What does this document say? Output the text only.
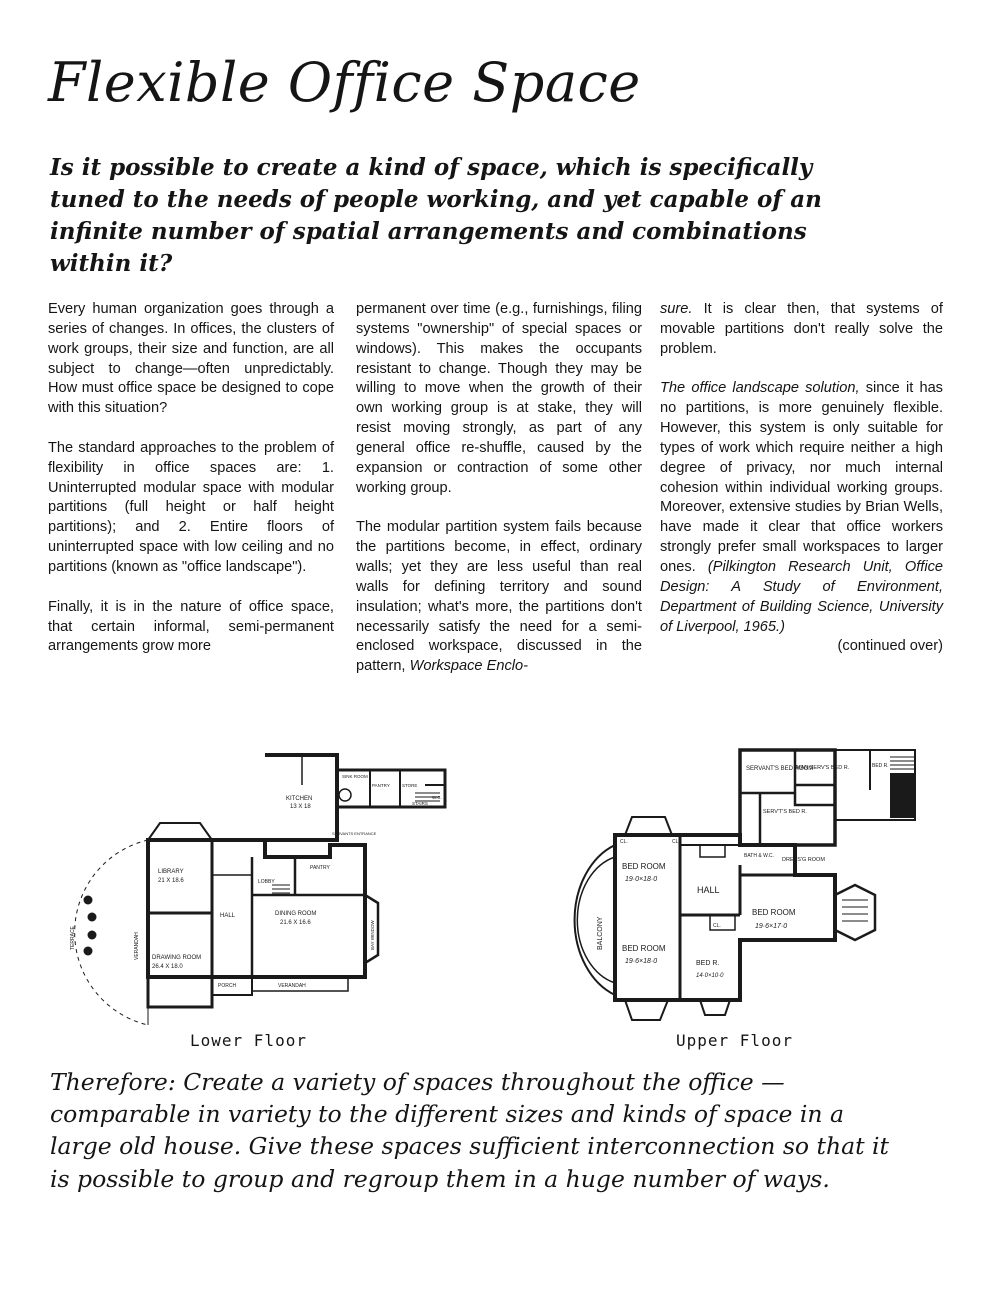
Flexible Office Space

Is it possible to create a kind of space, which is specifically tuned to the needs of people working, and yet capable of an infinite number of spatial arrangements and combinations within it?

Every human organization goes through a series of changes. In offices, the clusters of work groups, their size and function, are all subject to change—often unpredictably. How must office space be designed to cope with this situation?

The standard approaches to the problem of flexibility in office spaces are: 1. Uninterrupted modular space with modular partitions (full height or half height partitions); and 2. Entire floors of uninterrupted space with low ceiling and no partitions (known as "office landscape").

Finally, it is in the nature of office space, that certain informal, semi-permanent arrangements grow more

permanent over time (e.g., furnishings, filing systems "ownership" of special spaces or windows). This makes the occupants resistant to change. Though they may be willing to move when the growth of their own working group is at stake, they will resist moving strongly, as part of any general office re-shuffle, caused by the expansion or contraction of some other working group.

The modular partition system fails because the partitions become, in effect, ordinary walls; yet they are less useful than real walls for defining territory and sound insulation; what's more, the partitions don't necessarily satisfy the need for a semi-enclosed workspace, discussed in the pattern, Workspace Enclo-

sure. It is clear then, that systems of movable partitions don't really solve the problem.

The office landscape solution, since it has no partitions, is more genuinely flexible. However, this system is only suitable for types of work which require neither a high degree of privacy, nor much internal cohesion within individual working groups. Moreover, extensive studies by Brian Wells, have made it clear that office workers strongly prefer small workspaces to larger ones. (Pilkington Research Unit, Office Design: A Study of Environment, Department of Building Science, University of Liverpool, 1965.)

(continued over)

KITCHEN
13 X 18
SINK ROOM
PANTRY	STORE
STAIRS
W.C.
SERVANTS ENTRANCE
LIBRARY
21 X 18.6	LOBBY
PANTRY
HALL	DINING ROOM
21.6 X 16.6
DRAWING ROOM
26.4 X 18.0
PORCH	VERANDAH
VERANDAH
TERRACE	BAY WINDOW
Lower Floor
SERVANT'S BED ROOM
MAN SERV'S BED R.	BED R.
SERV'T'S BED R.
BATH & W.C.
DRESS'G ROOM
CL.	CL.
CL.
BED ROOM
19·0×18·0
HALL
BED ROOM
19·6×17·0
BED ROOM
19·6×18·0	BED R.
14·0×10·0
BALCONY
Upper Floor

Therefore: Create a variety of spaces throughout the office — comparable in variety to the different sizes and kinds of space in a large old house. Give these spaces sufficient interconnection so that it is possible to group and regroup them in a huge number of ways.
